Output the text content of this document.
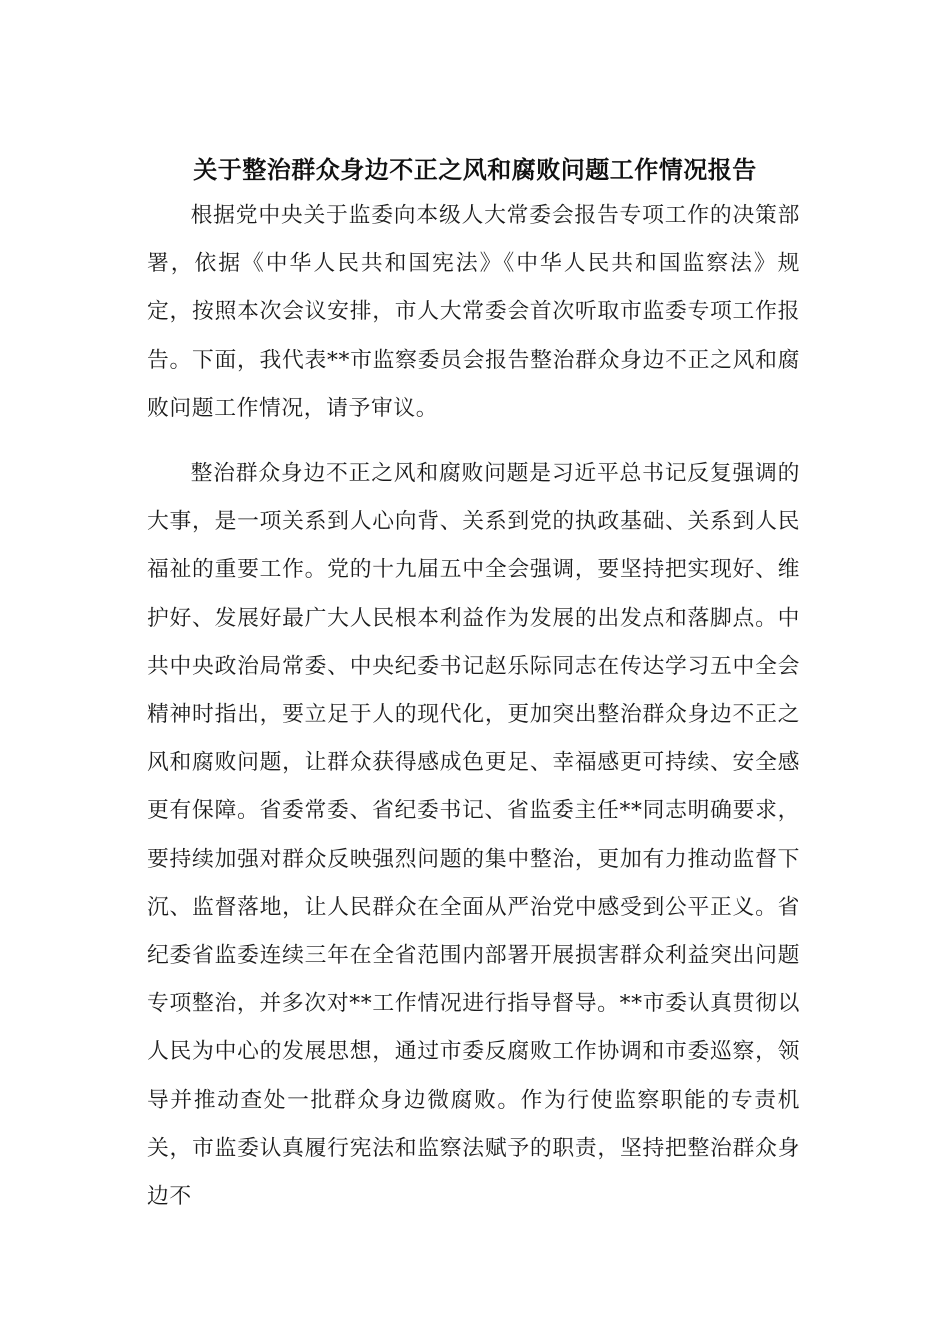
关于整治群众身边不正之风和腐败问题工作情况报告

根据党中央关于监委向本级人大常委会报告专项工作的决策部署，依据《中华人民共和国宪法》《中华人民共和国监察法》规定，按照本次会议安排，市人大常委会首次听取市监委专项工作报告。下面，我代表**市监察委员会报告整治群众身边不正之风和腐败问题工作情况，请予审议。

整治群众身边不正之风和腐败问题是习近平总书记反复强调的大事，是一项关系到人心向背、关系到党的执政基础、关系到人民福祉的重要工作。党的十九届五中全会强调，要坚持把实现好、维护好、发展好最广大人民根本利益作为发展的出发点和落脚点。中共中央政治局常委、中央纪委书记赵乐际同志在传达学习五中全会精神时指出，要立足于人的现代化，更加突出整治群众身边不正之风和腐败问题，让群众获得感成色更足、幸福感更可持续、安全感更有保障。省委常委、省纪委书记、省监委主任**同志明确要求，要持续加强对群众反映强烈问题的集中整治，更加有力推动监督下沉、监督落地，让人民群众在全面从严治党中感受到公平正义。省纪委省监委连续三年在全省范围内部署开展损害群众利益突出问题专项整治，并多次对**工作情况进行指导督导。**市委认真贯彻以人民为中心的发展思想，通过市委反腐败工作协调和市委巡察，领导并推动查处一批群众身边微腐败。作为行使监察职能的专责机关，市监委认真履行宪法和监察法赋予的职责，坚持把整治群众身边不
